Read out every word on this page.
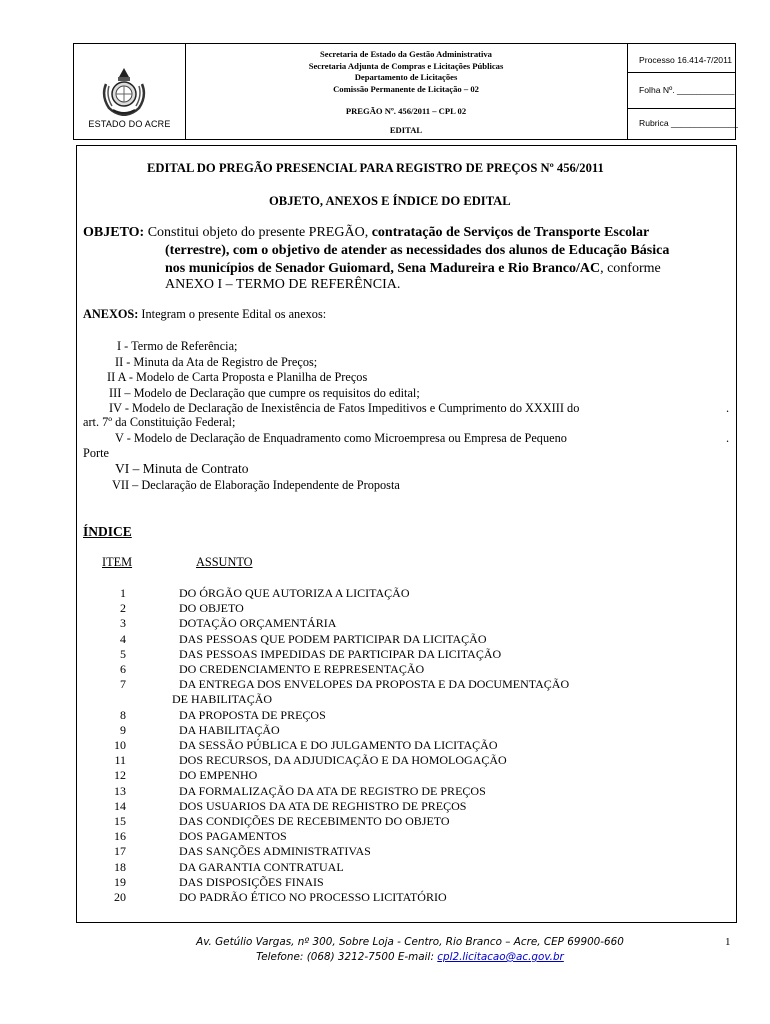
ESTADO DO ACRE
Secretaria de Estado da Gestão Administrativa
Secretaria Adjunta de Compras e Licitações Públicas
Departamento de Licitações
Comissão Permanente de Licitação – 02
PREGÃO Nº. 456/2011 – CPL 02
EDITAL
Processo 16.414-7/2011
Folha Nº. ____________
Rubrica ______________
EDITAL DO PREGÃO PRESENCIAL PARA REGISTRO DE PREÇOS Nº 456/2011
OBJETO, ANEXOS E ÍNDICE DO EDITAL
OBJETO: Constitui objeto do presente PREGÃO, contratação de Serviços de Transporte Escolar
(terrestre), com o objetivo de atender as necessidades dos alunos de Educação Básica
nos municípios de Senador Guiomard, Sena Madureira e Rio Branco/AC, conforme
ANEXO I – TERMO DE REFERÊNCIA.
ANEXOS: Integram o presente Edital os anexos:
I - Termo de Referência;
II - Minuta da Ata de Registro de Preços;
II A - Modelo de Carta Proposta e Planilha de Preços
III – Modelo de Declaração que cumpre os requisitos do edital;
IV - Modelo de Declaração de Inexistência de Fatos Impeditivos e Cumprimento do XXXIII do	.
art. 7º da Constituição Federal;
V - Modelo de Declaração de Enquadramento como Microempresa ou Empresa de Pequeno	.
Porte
VI – Minuta de Contrato
VII – Declaração de Elaboração Independente de Proposta
ÍNDICE
ITEM	ASSUNTO
1	DO ÓRGÃO QUE AUTORIZA A LICITAÇÃO
2	DO OBJETO
3	DOTAÇÃO ORÇAMENTÁRIA
4	DAS PESSOAS QUE PODEM PARTICIPAR DA LICITAÇÃO
5	DAS PESSOAS IMPEDIDAS DE PARTICIPAR DA LICITAÇÃO
6	DO CREDENCIAMENTO E REPRESENTAÇÃO
7	DA ENTREGA DOS ENVELOPES DA PROPOSTA E DA DOCUMENTAÇÃO
DE HABILITAÇÃO
8	DA PROPOSTA DE PREÇOS
9	DA HABILITAÇÃO
10	DA SESSÃO PÚBLICA E DO JULGAMENTO DA LICITAÇÃO
11	DOS RECURSOS, DA ADJUDICAÇÃO E DA HOMOLOGAÇÃO
12	DO EMPENHO
13	DA FORMALIZAÇÃO DA ATA DE REGISTRO DE PREÇOS
14	DOS USUARIOS DA ATA DE REGHISTRO DE PREÇOS
15	DAS CONDIÇÕES DE RECEBIMENTO DO OBJETO
16	DOS PAGAMENTOS
17	DAS SANÇÕES ADMINISTRATIVAS
18	DA GARANTIA CONTRATUAL
19	DAS DISPOSIÇÕES FINAIS
20	DO PADRÃO ÉTICO NO PROCESSO LICITATÓRIO
Av. Getúlio Vargas, nº 300, Sobre Loja - Centro, Rio Branco – Acre, CEP 69900-660
Telefone: (068) 3212-7500 E-mail: cpl2.licitacao@ac.gov.br
1
